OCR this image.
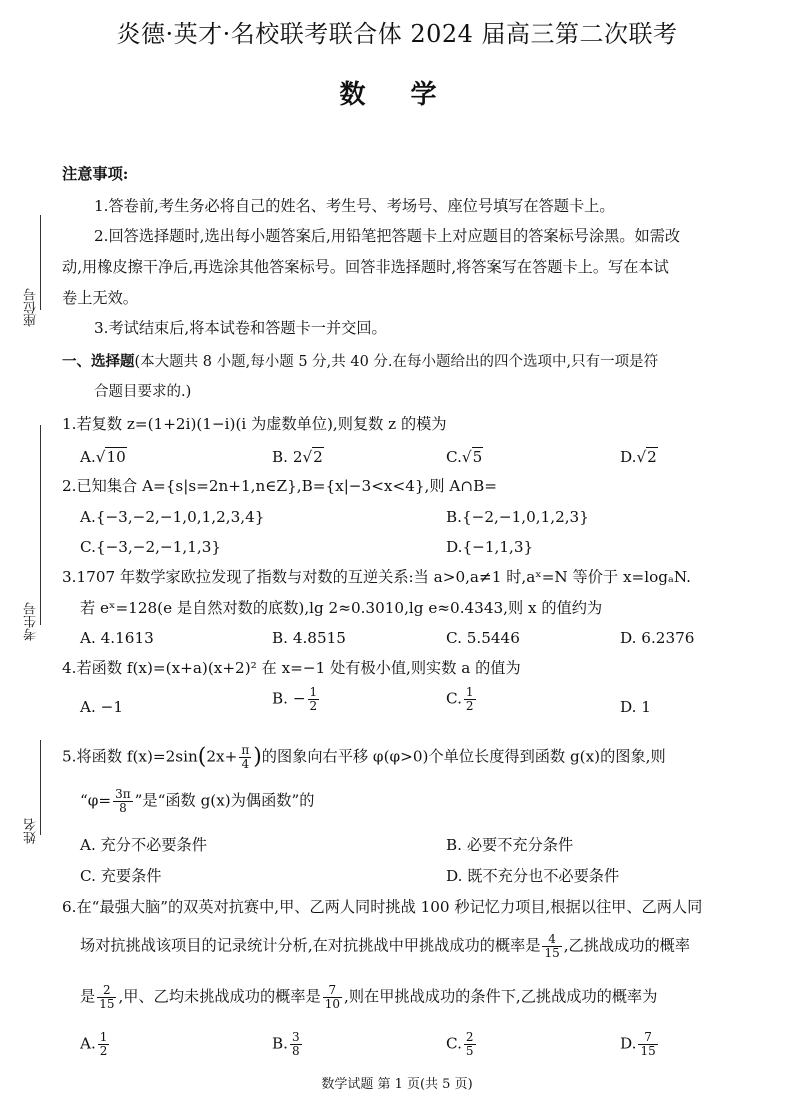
炎德·英才·名校联考联合体 2024 届高三第二次联考
数 学
座位号
考生号
姓名
注意事项:
1.答卷前,考生务必将自己的姓名、考生号、考场号、座位号填写在答题卡上。
2.回答选择题时,选出每小题答案后,用铅笔把答题卡上对应题目的答案标号涂黑。如需改
动,用橡皮擦干净后,再选涂其他答案标号。回答非选择题时,将答案写在答题卡上。写在本试
卷上无效。
3.考试结束后,将本试卷和答题卡一并交回。
一、选择题(本大题共 8 小题,每小题 5 分,共 40 分.在每小题给出的四个选项中,只有一项是符
合题目要求的.)
1.若复数 z=(1+2i)(1−i)(i 为虚数单位),则复数 z 的模为
A.√10	B. 2√2	C.√5	D.√2
2.已知集合 A={s|s=2n+1,n∈Z},B={x|−3<x<4},则 A∩B=
A.{−3,−2,−1,0,1,2,3,4}	B.{−2,−1,0,1,2,3}
C.{−3,−2,−1,1,3}	D.{−1,1,3}
3.1707 年数学家欧拉发现了指数与对数的互逆关系:当 a>0,a≠1 时,aˣ=N 等价于 x=logₐN.
若 eˣ=128(e 是自然对数的底数),lg 2≈0.3010,lg e≈0.4343,则 x 的值约为
A. 4.1613	B. 4.8515	C. 5.5446	D. 6.2376
4.若函数 f(x)=(x+a)(x+2)² 在 x=−1 处有极小值,则实数 a 的值为
A. −1	B. − $\frac{1}{2}$	C. $\frac{1}{2}$	D. 1
5.将函数 $f(x)=2\sin(2x+ \frac{\pi}{4}$ )的图象向右平移 φ(φ>0)个单位长度得到函数 g(x)的图象,则
“$\varphi= \frac{3\pi}{8}$ ”是“函数 g(x)为偶函数”的
A. 充分不必要条件	B. 必要不充分条件
C. 充要条件	D. 既不充分也不必要条件
6.在“最强大脑”的双英对抗赛中,甲、乙两人同时挑战 100 秒记忆力项目,根据以往甲、乙两人同
场对抗挑战该项目的记录统计分析,在对抗挑战中甲挑战成功的概率是 $\frac{4}{15}$ ,乙挑战成功的概率
是 $\frac{2}{15}$ ,甲、乙均未挑战成功的概率是 $\frac{7}{10}$ ,则在甲挑战成功的条件下,乙挑战成功的概率为
A. $\frac{1}{2}$	B. $\frac{3}{8}$	C. $\frac{2}{5}$	D. $\frac{7}{15}$
数学试题 第 1 页(共 5 页)
